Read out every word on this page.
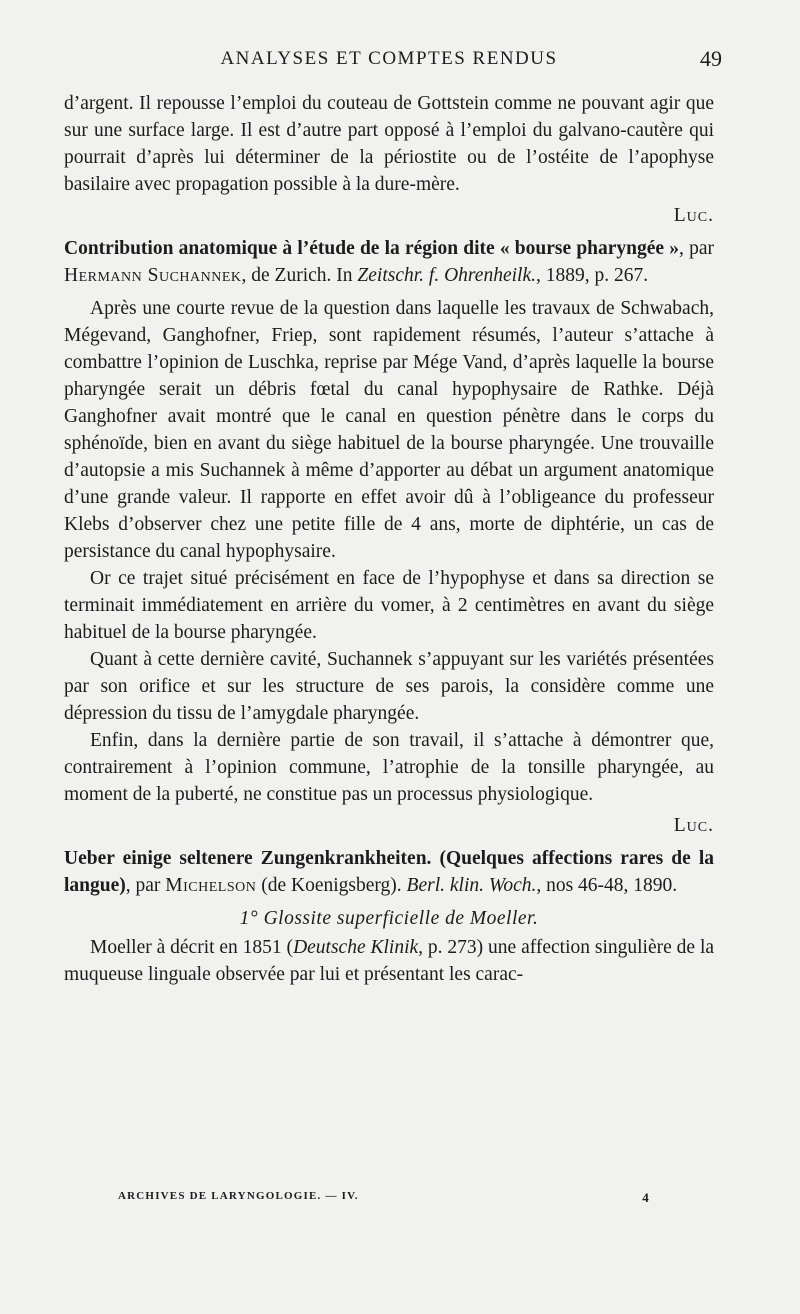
ANALYSES ET COMPTES RENDUS	49

d’argent. Il repousse l’emploi du couteau de Gottstein comme ne pouvant agir que sur une surface large. Il est d’autre part opposé à l’emploi du galvano-cautère qui pourrait d’après lui déterminer de la périostite ou de l’ostéite de l’apophyse basilaire avec propagation possible à la dure-mère.

Luc.
Contribution anatomique à l’étude de la région dite « bourse pharyngée », par Hermann Suchannek, de Zurich. In Zeitschr. f. Ohrenheilk., 1889, p. 267.

Après une courte revue de la question dans laquelle les travaux de Schwabach, Mégevand, Ganghofner, Friep, sont rapidement résumés, l’auteur s’attache à combattre l’opinion de Luschka, reprise par Mége Vand, d’après laquelle la bourse pharyngée serait un débris fœtal du canal hypophysaire de Rathke. Déjà Ganghofner avait montré que le canal en question pénètre dans le corps du sphénoïde, bien en avant du siège habituel de la bourse pharyngée. Une trouvaille d’autopsie a mis Suchannek à même d’apporter au débat un argument anatomique d’une grande valeur. Il rapporte en effet avoir dû à l’obligeance du professeur Klebs d’observer chez une petite fille de 4 ans, morte de diphtérie, un cas de persistance du canal hypophysaire.

Or ce trajet situé précisément en face de l’hypophyse et dans sa direction se terminait immédiatement en arrière du vomer, à 2 centimètres en avant du siège habituel de la bourse pharyngée.

Quant à cette dernière cavité, Suchannek s’appuyant sur les variétés présentées par son orifice et sur les structure de ses parois, la considère comme une dépression du tissu de l’amygdale pharyngée.

Enfin, dans la dernière partie de son travail, il s’attache à démontrer que, contrairement à l’opinion commune, l’atrophie de la tonsille pharyngée, au moment de la puberté, ne constitue pas un processus physiologique.

Luc.
Ueber einige seltenere Zungenkrankheiten. (Quelques affections rares de la langue), par Michelson (de Koenigsberg). Berl. klin. Woch., nos 46-48, 1890.
1° Glossite superficielle de Moeller.

Moeller à décrit en 1851 (Deutsche Klinik, p. 273) une affection singulière de la muqueuse linguale observée par lui et présentant les carac-

ARCHIVES DE LARYNGOLOGIE. — IV.	4
